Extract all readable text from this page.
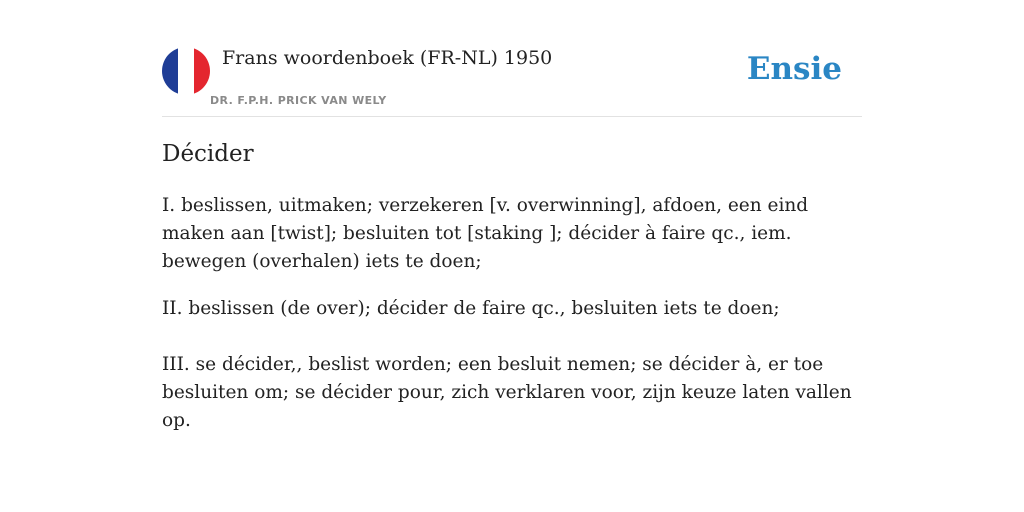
Frans woordenboek (FR-NL) 1950
DR. F.P.H. PRICK VAN WELY
Ensie
Décider

I. beslissen, uitmaken; verzekeren [v. overwinning], afdoen, een eind maken aan [twist]; besluiten tot [staking ]; décider à faire qc., iem. bewegen (overhalen) iets te doen;

II. beslissen (de over); décider de faire qc., besluiten iets te doen;

III. se décider,, beslist worden; een besluit nemen; se décider à, er toe besluiten om; se décider pour, zich verklaren voor, zijn keuze laten vallen op.
